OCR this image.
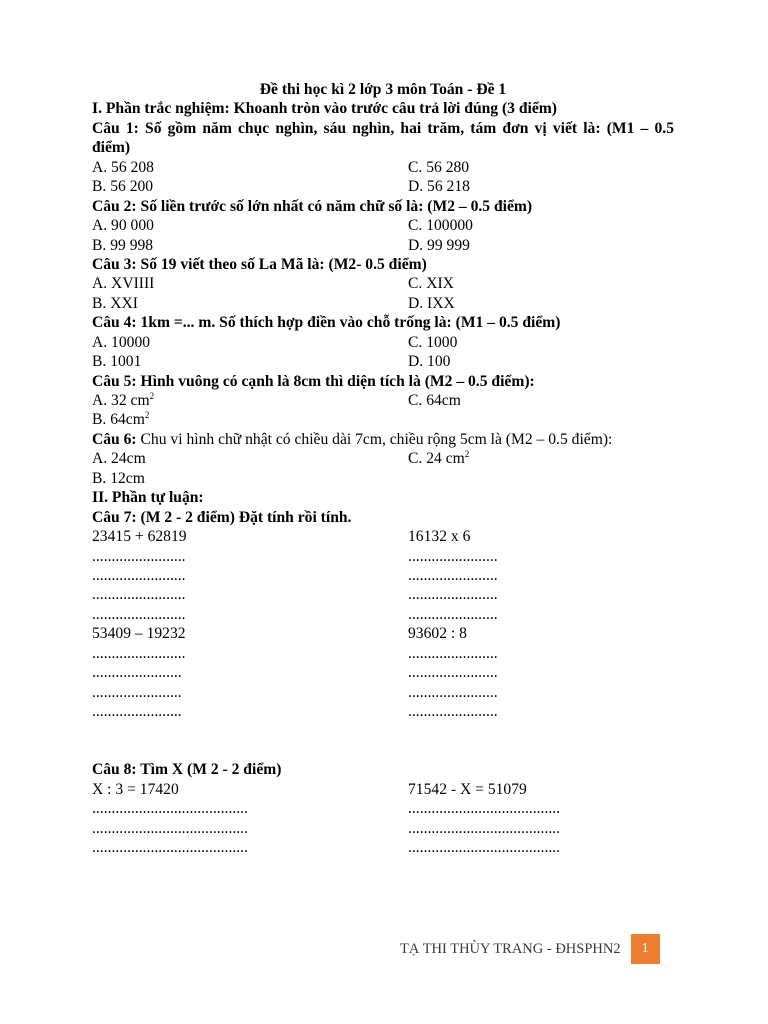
Đề thi học kì 2 lớp 3 môn Toán - Đề 1
I. Phần trắc nghiệm: Khoanh tròn vào trước câu trả lời đúng (3 điểm)
Câu 1: Số gồm năm chục nghìn, sáu nghìn, hai trăm, tám đơn vị viết là: (M1 – 0.5 điểm)
A. 56 208	C. 56 280
B. 56 200	D. 56 218
Câu 2: Số liền trước số lớn nhất có năm chữ số là: (M2 – 0.5 điểm)
A. 90 000	C. 100000
B. 99 998	D. 99 999
Câu 3: Số 19 viết theo số La Mã là: (M2- 0.5 điểm)
A. XVIIII	C. XIX
B. XXI	D. IXX
Câu 4: 1km =... m. Số thích hợp điền vào chỗ trống là: (M1 – 0.5 điểm)
A. 10000	C. 1000
B. 1001	D. 100
Câu 5: Hình vuông có cạnh là 8cm thì diện tích là (M2 – 0.5 điểm):
A. 32 $cm^2$	C. 64cm
B. $64cm^2$
Câu 6: Chu vi hình chữ nhật có chiều dài 7cm, chiều rộng 5cm là (M2 – 0.5 điểm):
A. 24cm	C. 24 $cm^2$
B. 12cm
II. Phần tự luận:
Câu 7: (M 2 - 2 điểm) Đặt tính rồi tính.
23415 + 62819	16132 x 6
........................	.......................
........................	.......................
........................	.......................
........................	.......................
53409 – 19232	93602 : 8
........................	.......................
.......................	.......................
.......................	.......................
.......................	.......................
Câu 8: Tìm X (M 2 - 2 điểm)
X : 3 = 17420	71542 - X = 51079
........................................	.......................................
........................................	.......................................
........................................	.......................................
TẠ THI THÙY TRANG - ĐHSPHN2	1
